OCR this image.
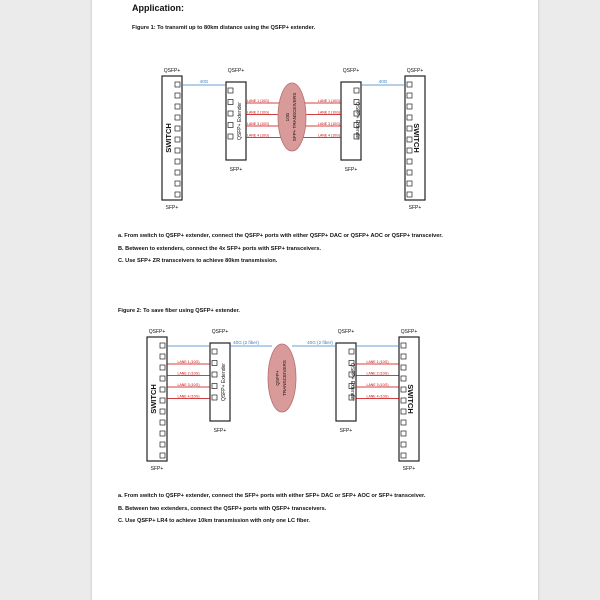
Application:
Figure 1: To transmit up to 80km distance using the QSFP+ extender.
SWITCH
QSFP+
SFP+
SWITCH
QSFP+
SFP+
QSFP+ Extender
QSFP+
SFP+
QSFP+ Extender
QSFP+
SFP+
40G	40G
LANE 1 (10G)	LANE 1 (10G)
LANE 2 (10G)	LANE 2 (10G)
LANE 3 (10G)	LANE 3 (10G)
LANE 4 (10G)	LANE 4 (10G)
10G SFP+ TRANSCEIVERS
SWITCH
QSFP+
SFP+
SWITCH
QSFP+
SFP+
QSFP+ Extender
QSFP+
SFP+
QSFP+ Extender
QSFP+
SFP+
LANE 1 (10G)	LANE 1 (10G)
LANE 2 (10G)	LANE 2 (10G)
LANE 3 (10G)	LANE 3 (10G)
LANE 4 (10G)	LANE 4 (10G)
40G (2 fiber)	40G (2 fiber)
QSFP+ TRANSCEIVERS
a. From switch to QSFP+ extender, connect the QSFP+ ports with either QSFP+ DAC or QSFP+ AOC or QSFP+ transceiver.
B. Between to extenders, connect the 4x SFP+ ports with SFP+ transceivers.
C. Use SFP+ ZR transceivers to achieve 80km transmission.
Figure 2: To save fiber using QSFP+ extender.
a. From switch to QSFP+ extender, connect the SFP+ ports with either SFP+ DAC or SFP+ AOC or SFP+ transceiver.
B. Between two extenders, connect the QSFP+ ports with QSFP+ transceivers.
C. Use QSFP+ LR4 to achieve 10km transmission with only one LC fiber.
